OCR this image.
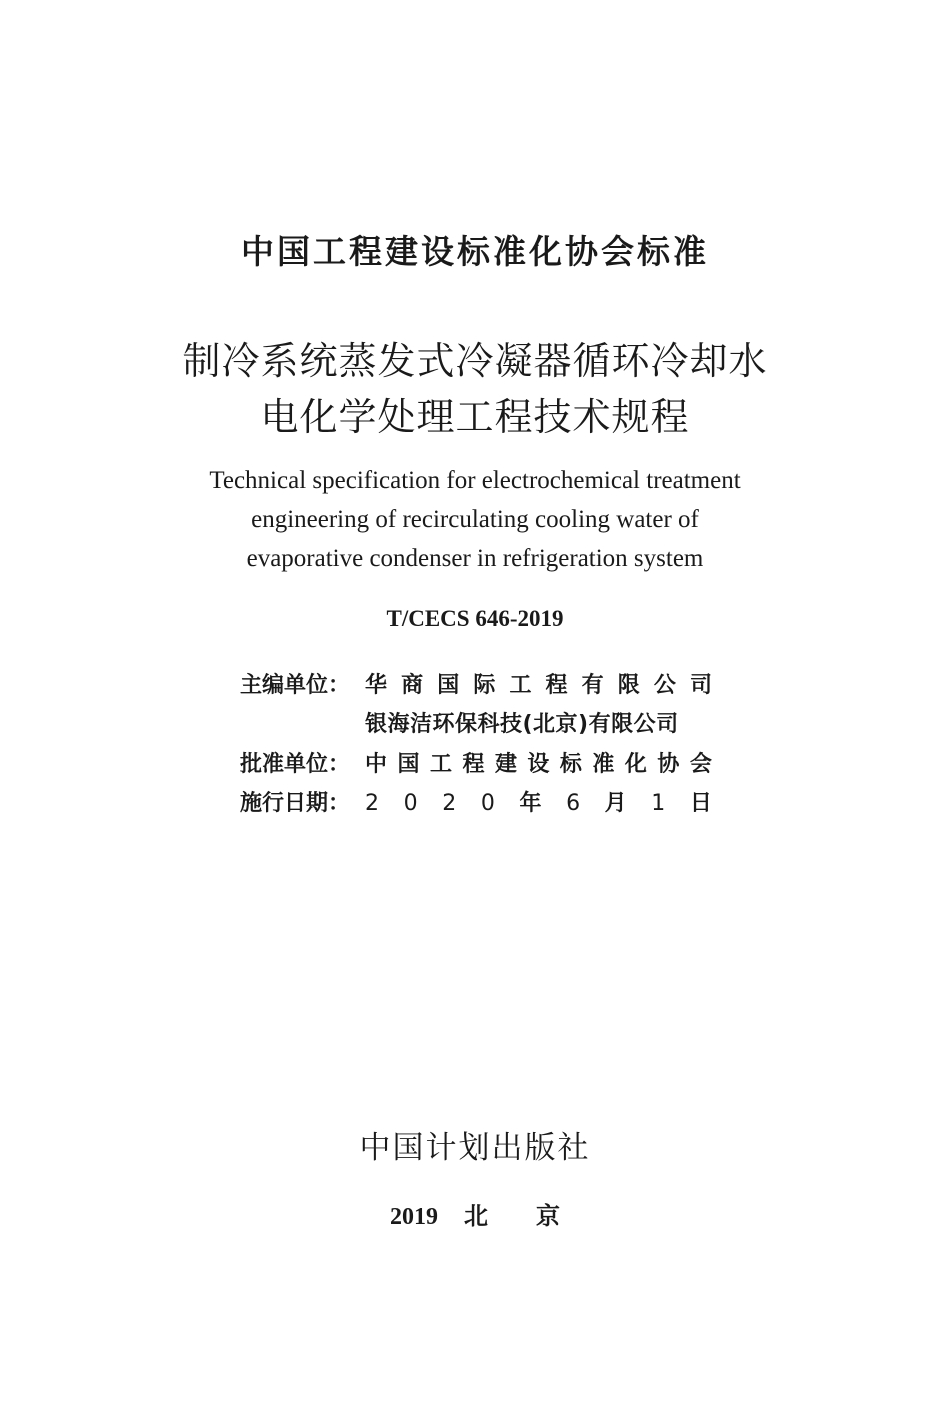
中国工程建设标准化协会标准
制冷系统蒸发式冷凝器循环冷却水
电化学处理工程技术规程
Technical specification for electrochemical treatment
engineering of recirculating cooling water of
evaporative condenser in refrigeration system
T/CECS 646-2019
主编单位： 华 商 国 际 工 程 有 限 公 司
银海洁环保科技(北京)有限公司
批准单位： 中 国 工 程 建 设 标 准 化 协 会
施行日期： 2 0 2 0 年 6 月 1 日
中国计划出版社
2019 北 京
